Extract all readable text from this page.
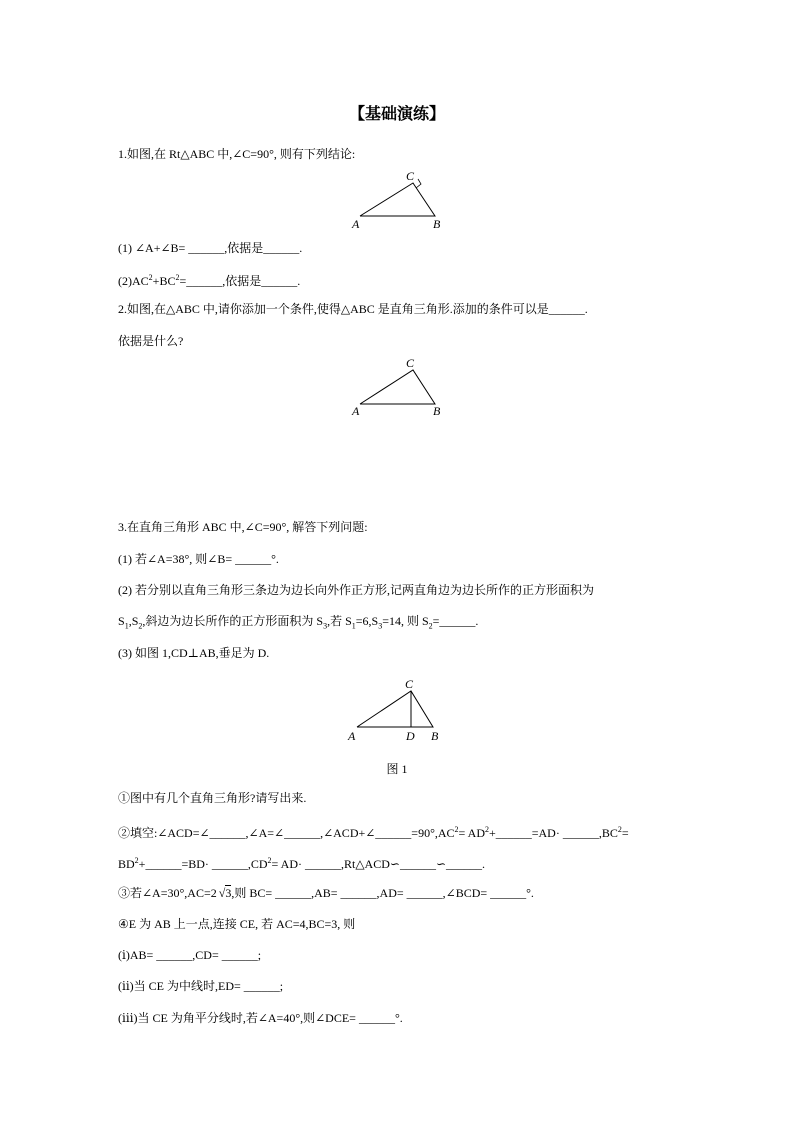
【基础演练】
1.如图,在 Rt△ABC 中,∠C=90°, 则有下列结论:
A	B
C
(1) ∠A+∠B= ______,依据是______.
$(2)AC^2+BC^2=\_\_\_\_\_\_$,依据是______.
2.如图,在△ABC 中,请你添加一个条件,使得△ABC 是直角三角形.添加的条件可以是______.
依据是什么?
A	B
C
3.在直角三角形 ABC 中,∠C=90°, 解答下列问题:
(1) 若∠A=38°, 则∠B= ______°.
(2) 若分别以直角三角形三条边为边长向外作正方形,记两直角边为边长所作的正方形面积为
$S_1,S_2$,斜边为边长所作的正方形面积为 $S_3$,若 $S_1=6,S_3=14$, 则 $S_2=\_\_\_\_\_\_$.
(3) 如图 1,CD⊥AB,垂足为 D.
A	B
C
D
图 1
①图中有几个直角三角形?请写出来.
②填空$:\angle ACD=\angle\_\_\_\_\_\_,\angle A=\angle\_\_\_\_\_\_,\angle ACD+\angle\_\_\_\_\_\_=90^\circ,AC^2=$ $AD^2+\_\_\_\_\_\_=AD\cdot$ $\_\_\_\_\_\_,BC^2=$
$BD^2+\_\_\_\_\_\_=BD\cdot$ $\_\_\_\_\_\_,CD^2= AD\cdot$ ______,Rt△ACD∽______∽______.
③若∠A=30°,AC=2 √3,则 BC= ______,AB= ______,AD= ______,∠BCD= ______°.
④E 为 AB 上一点,连接 CE, 若 AC=4,BC=3, 则
(ⅰ)AB= ______,CD= ______;
(ⅱ)当 CE 为中线时,ED= ______;
(ⅲ)当 CE 为角平分线时,若∠A=40°,则∠DCE= ______°.
